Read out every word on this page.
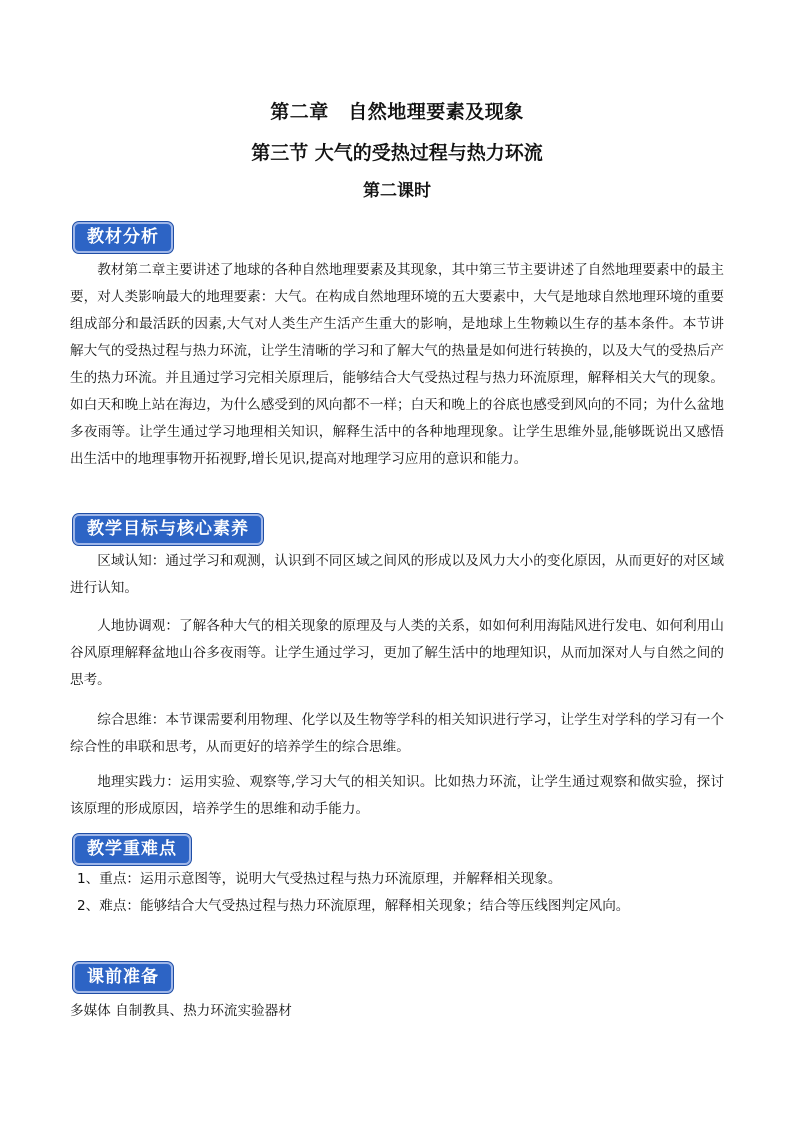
第二章　自然地理要素及现象
第三节 大气的受热过程与热力环流
第二课时
教材分析

教材第二章主要讲述了地球的各种自然地理要素及其现象，其中第三节主要讲述了自然地理要素中的最主要，对人类影响最大的地理要素：大气。在构成自然地理环境的五大要素中，大气是地球自然地理环境的重要组成部分和最活跃的因素,大气对人类生产生活产生重大的影响，是地球上生物赖以生存的基本条件。本节讲解大气的受热过程与热力环流，让学生清晰的学习和了解大气的热量是如何进行转换的，以及大气的受热后产生的热力环流。并且通过学习完相关原理后，能够结合大气受热过程与热力环流原理，解释相关大气的现象。如白天和晚上站在海边，为什么感受到的风向都不一样；白天和晚上的谷底也感受到风向的不同；为什么盆地多夜雨等。让学生通过学习地理相关知识，解释生活中的各种地理现象。让学生思维外显,能够既说出又感悟出生活中的地理事物开拓视野,增长见识,提高对地理学习应用的意识和能力。

教学目标与核心素养

区域认知：通过学习和观测，认识到不同区域之间风的形成以及风力大小的变化原因，从而更好的对区域进行认知。

人地协调观：了解各种大气的相关现象的原理及与人类的关系，如如何利用海陆风进行发电、如何利用山谷风原理解释盆地山谷多夜雨等。让学生通过学习，更加了解生活中的地理知识，从而加深对人与自然之间的思考。

综合思维：本节课需要利用物理、化学以及生物等学科的相关知识进行学习，让学生对学科的学习有一个综合性的串联和思考，从而更好的培养学生的综合思维。

地理实践力：运用实验、观察等,学习大气的相关知识。比如热力环流，让学生通过观察和做实验，探讨该原理的形成原因，培养学生的思维和动手能力。

教学重难点

1、重点：运用示意图等，说明大气受热过程与热力环流原理，并解释相关现象。

2、难点：能够结合大气受热过程与热力环流原理，解释相关现象；结合等压线图判定风向。

课前准备

多媒体 自制教具、热力环流实验器材
